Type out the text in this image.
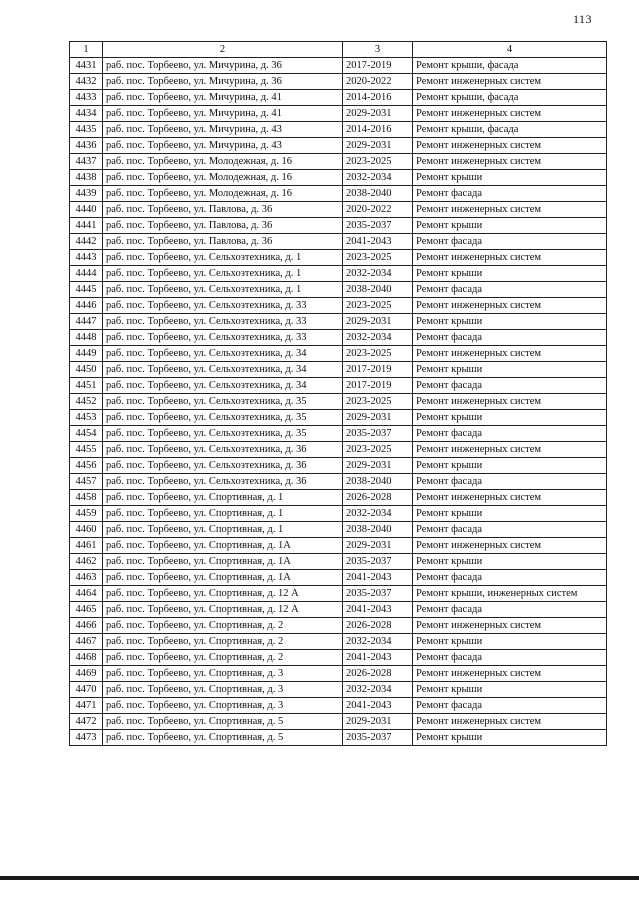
113
1	2	3	4
4431	раб. пос. Торбеево, ул. Мичурина, д. 36	2017-2019	Ремонт крыши, фасада
4432	раб. пос. Торбеево, ул. Мичурина, д. 36	2020-2022	Ремонт инженерных систем
4433	раб. пос. Торбеево, ул. Мичурина, д. 41	2014-2016	Ремонт крыши, фасада
4434	раб. пос. Торбеево, ул. Мичурина, д. 41	2029-2031	Ремонт инженерных систем
4435	раб. пос. Торбеево, ул. Мичурина, д. 43	2014-2016	Ремонт крыши, фасада
4436	раб. пос. Торбеево, ул. Мичурина, д. 43	2029-2031	Ремонт инженерных систем
4437	раб. пос. Торбеево, ул. Молодежная, д. 16	2023-2025	Ремонт инженерных систем
4438	раб. пос. Торбеево, ул. Молодежная, д. 16	2032-2034	Ремонт крыши
4439	раб. пос. Торбеево, ул. Молодежная, д. 16	2038-2040	Ремонт фасада
4440	раб. пос. Торбеево, ул. Павлова, д. 36	2020-2022	Ремонт инженерных систем
4441	раб. пос. Торбеево, ул. Павлова, д. 36	2035-2037	Ремонт крыши
4442	раб. пос. Торбеево, ул. Павлова, д. 36	2041-2043	Ремонт фасада
4443	раб. пос. Торбеево, ул. Сельхозтехника, д. 1	2023-2025	Ремонт инженерных систем
4444	раб. пос. Торбеево, ул. Сельхозтехника, д. 1	2032-2034	Ремонт крыши
4445	раб. пос. Торбеево, ул. Сельхозтехника, д. 1	2038-2040	Ремонт фасада
4446	раб. пос. Торбеево, ул. Сельхозтехника, д. 33	2023-2025	Ремонт инженерных систем
4447	раб. пос. Торбеево, ул. Сельхозтехника, д. 33	2029-2031	Ремонт крыши
4448	раб. пос. Торбеево, ул. Сельхозтехника, д. 33	2032-2034	Ремонт фасада
4449	раб. пос. Торбеево, ул. Сельхозтехника, д. 34	2023-2025	Ремонт инженерных систем
4450	раб. пос. Торбеево, ул. Сельхозтехника, д. 34	2017-2019	Ремонт крыши
4451	раб. пос. Торбеево, ул. Сельхозтехника, д. 34	2017-2019	Ремонт фасада
4452	раб. пос. Торбеево, ул. Сельхозтехника, д. 35	2023-2025	Ремонт инженерных систем
4453	раб. пос. Торбеево, ул. Сельхозтехника, д. 35	2029-2031	Ремонт крыши
4454	раб. пос. Торбеево, ул. Сельхозтехника, д. 35	2035-2037	Ремонт фасада
4455	раб. пос. Торбеево, ул. Сельхозтехника, д. 36	2023-2025	Ремонт инженерных систем
4456	раб. пос. Торбеево, ул. Сельхозтехника, д. 36	2029-2031	Ремонт крыши
4457	раб. пос. Торбеево, ул. Сельхозтехника, д. 36	2038-2040	Ремонт фасада
4458	раб. пос. Торбеево, ул. Спортивная, д. 1	2026-2028	Ремонт инженерных систем
4459	раб. пос. Торбеево, ул. Спортивная, д. 1	2032-2034	Ремонт крыши
4460	раб. пос. Торбеево, ул. Спортивная, д. 1	2038-2040	Ремонт фасада
4461	раб. пос. Торбеево, ул. Спортивная, д. 1А	2029-2031	Ремонт инженерных систем
4462	раб. пос. Торбеево, ул. Спортивная, д. 1А	2035-2037	Ремонт крыши
4463	раб. пос. Торбеево, ул. Спортивная, д. 1А	2041-2043	Ремонт фасада
4464	раб. пос. Торбеево, ул. Спортивная, д. 12 А	2035-2037	Ремонт крыши, инженерных систем
4465	раб. пос. Торбеево, ул. Спортивная, д. 12 А	2041-2043	Ремонт фасада
4466	раб. пос. Торбеево, ул. Спортивная, д. 2	2026-2028	Ремонт инженерных систем
4467	раб. пос. Торбеево, ул. Спортивная, д. 2	2032-2034	Ремонт крыши
4468	раб. пос. Торбеево, ул. Спортивная, д. 2	2041-2043	Ремонт фасада
4469	раб. пос. Торбеево, ул. Спортивная, д. 3	2026-2028	Ремонт инженерных систем
4470	раб. пос. Торбеево, ул. Спортивная, д. 3	2032-2034	Ремонт крыши
4471	раб. пос. Торбеево, ул. Спортивная, д. 3	2041-2043	Ремонт фасада
4472	раб. пос. Торбеево, ул. Спортивная, д. 5	2029-2031	Ремонт инженерных систем
4473	раб. пос. Торбеево, ул. Спортивная, д. 5	2035-2037	Ремонт крыши
